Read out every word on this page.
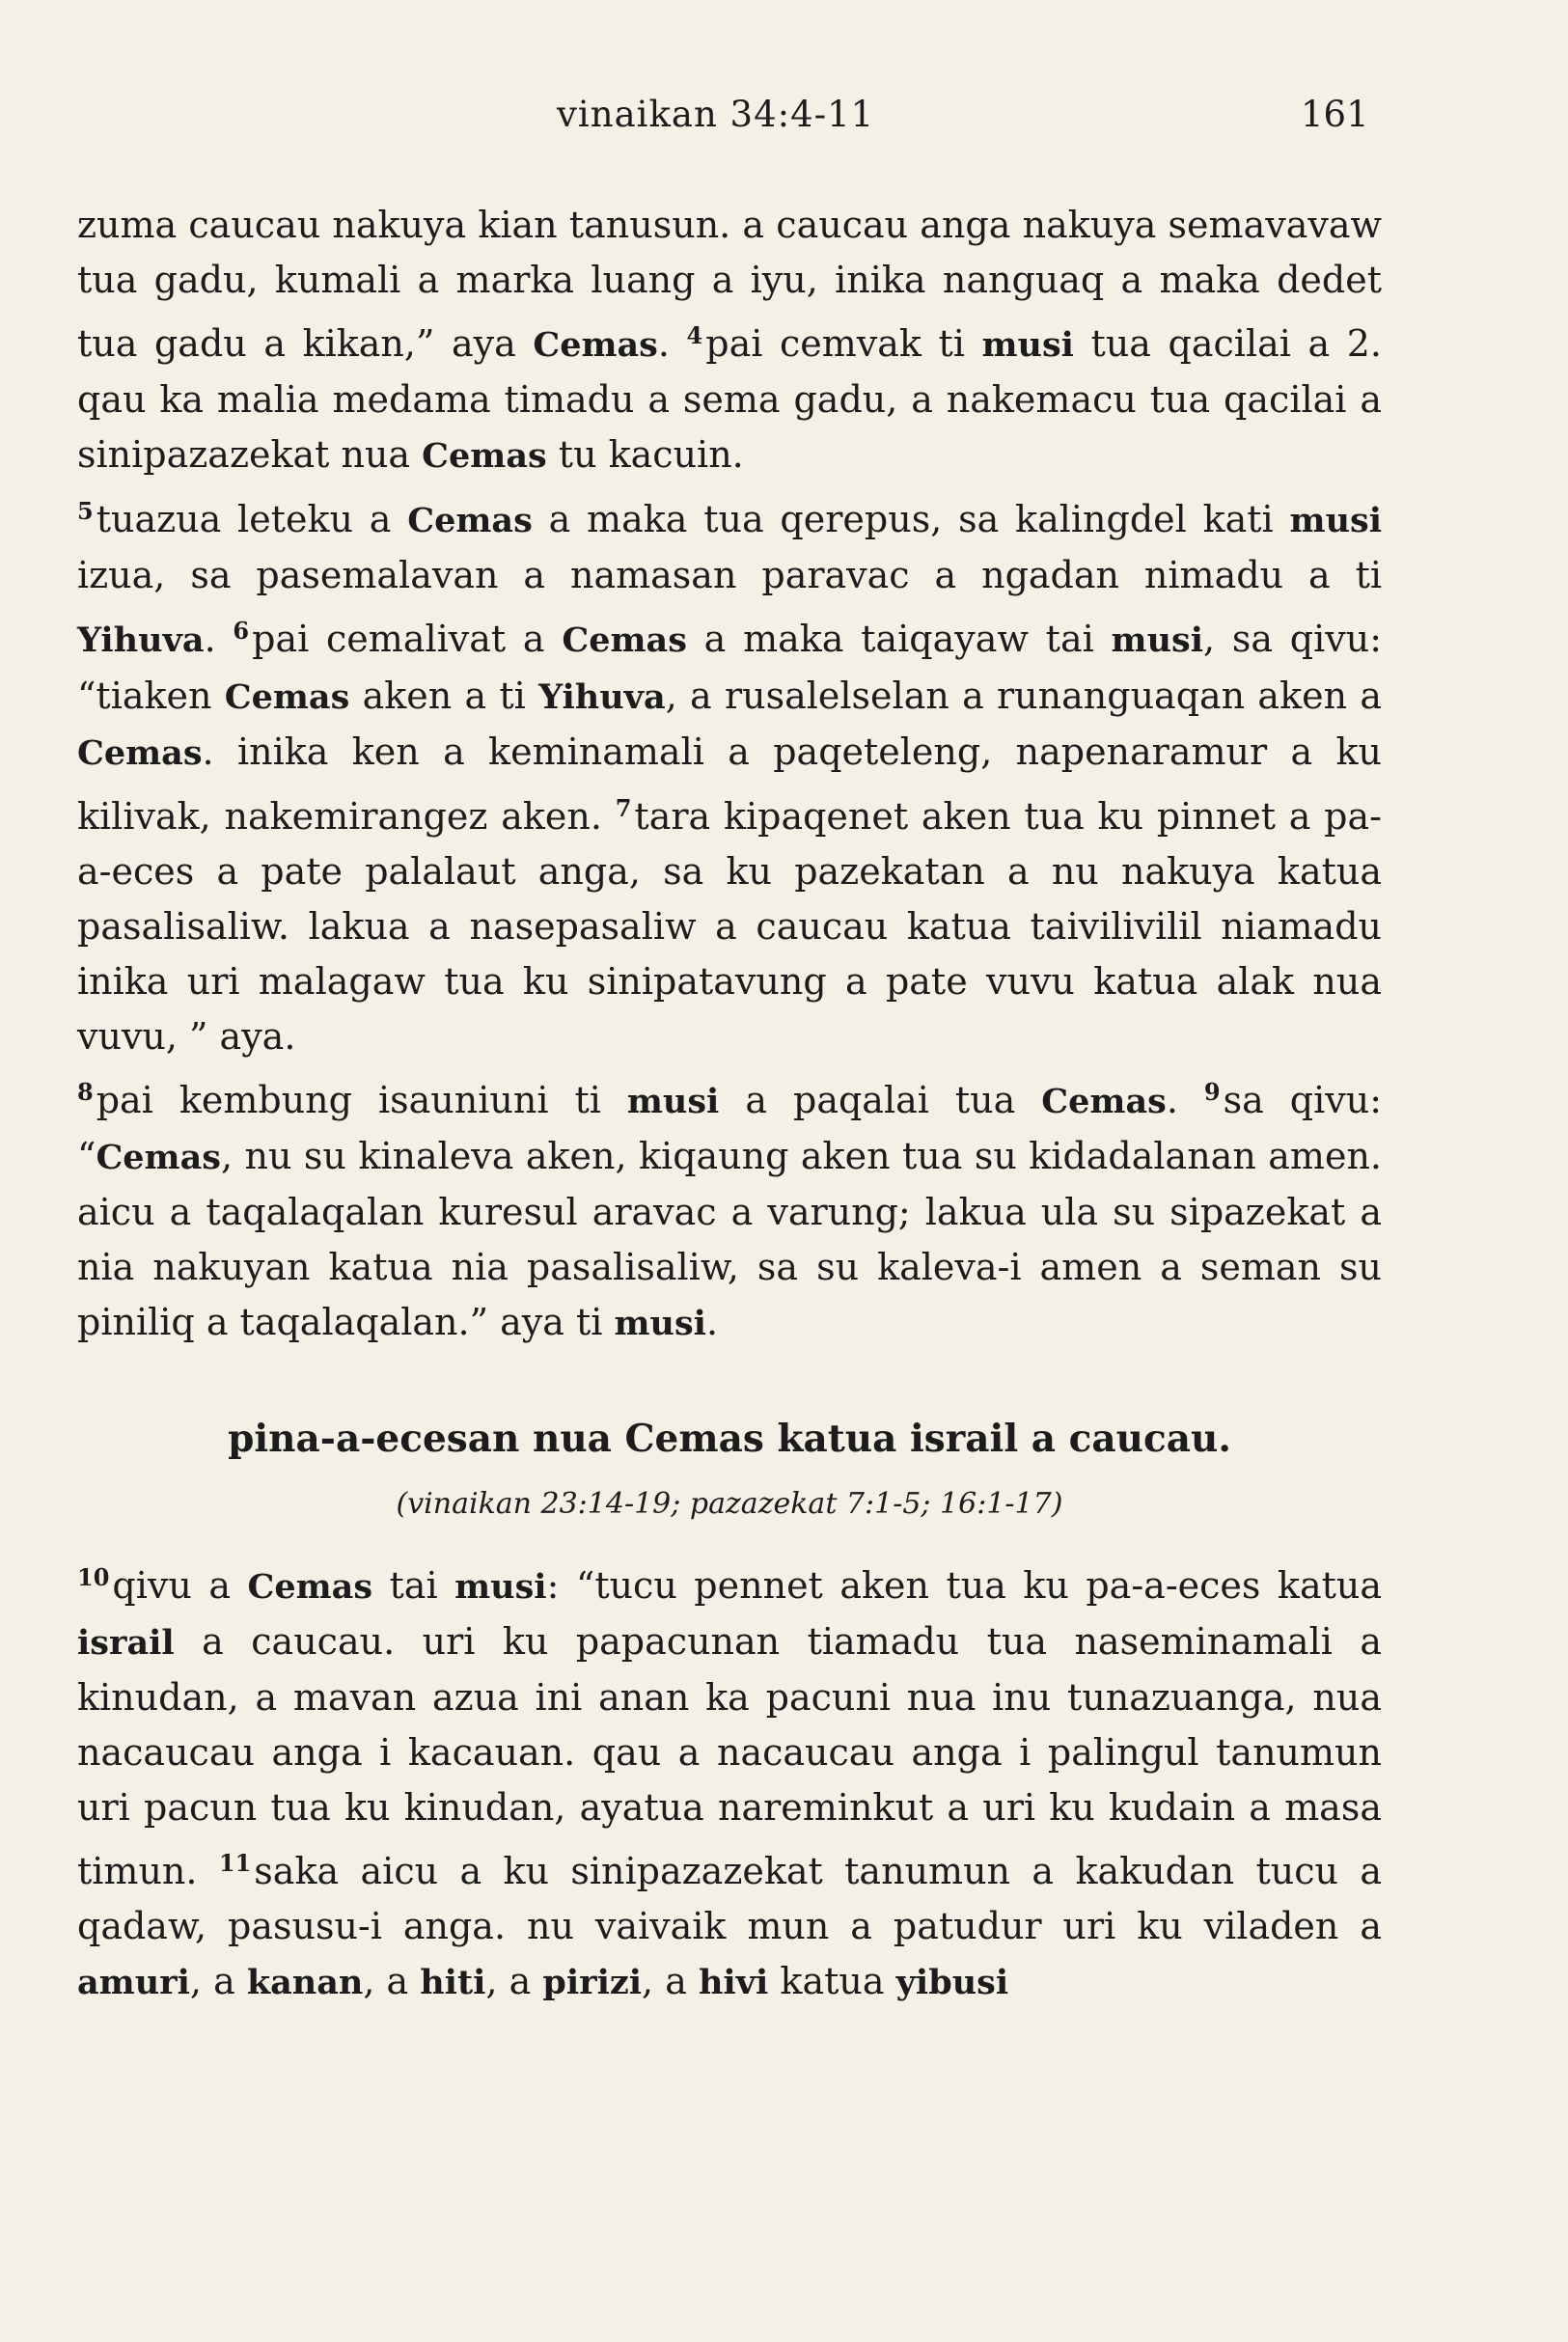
vinaikan 34:4-11	161

zuma caucau nakuya kian tanusun. a caucau anga nakuya semavavaw tua gadu, kumali a marka luang a iyu, inika nanguaq a maka dedet tua gadu a kikan,” aya Cemas. $^4$pai cemvak ti musi tua qacilai a 2. qau ka malia medama timadu a sema gadu, a nakemacu tua qacilai a sinipazazekat nua Cemas tu kacuin.

$^5$tuazua leteku a Cemas a maka tua qerepus, sa kalingdel kati musi izua, sa pasemalavan a namasan paravac a ngadan nimadu a ti Yihuva. $^6$pai cemalivat a Cemas a maka taiqayaw tai musi, sa qivu: “tiaken Cemas aken a ti Yihuva, a rusalelselan a runanguaqan aken a Cemas. inika ken a keminamali a paqeteleng, napenaramur a ku kilivak, nakemirangez aken. $^7$tara kipaqenet aken tua ku pinnet a pa-a-eces a pate palalaut anga, sa ku pazekatan a nu nakuya katua pasalisaliw. lakua a nasepasaliw a caucau katua taivilivilil niamadu inika uri malagaw tua ku sinipatavung a pate vuvu katua alak nua vuvu, ” aya.

$^8$pai kembung isauniuni ti musi a paqalai tua Cemas. $^9$sa qivu: “Cemas, nu su kinaleva aken, kiqaung aken tua su kidadalanan amen. aicu a taqalaqalan kuresul aravac a varung; lakua ula su sipazekat a nia nakuyan katua nia pasalisaliw, sa su kaleva-i amen a seman su piniliq a taqalaqalan.” aya ti musi.

pina-a-ecesan nua Cemas katua israil a caucau.

(vinaikan 23:14-19; pazazekat 7:1-5; 16:1-17)

$^{10}$qivu a Cemas tai musi: “tucu pennet aken tua ku pa-a-eces katua israil a caucau. uri ku papacunan tiamadu tua naseminamali a kinudan, a mavan azua ini anan ka pacuni nua inu tunazuanga, nua nacaucau anga i kacauan. qau a nacaucau anga i palingul tanumun uri pacun tua ku kinudan, ayatua nareminkut a uri ku kudain a masa timun. $^{11}$saka aicu a ku sinipazazekat tanumun a kakudan tucu a qadaw, pasusu-i anga. nu vaivaik mun a patudur uri ku viladen a amuri, a kanan, a hiti, a pirizi, a hivi katua yibusi
